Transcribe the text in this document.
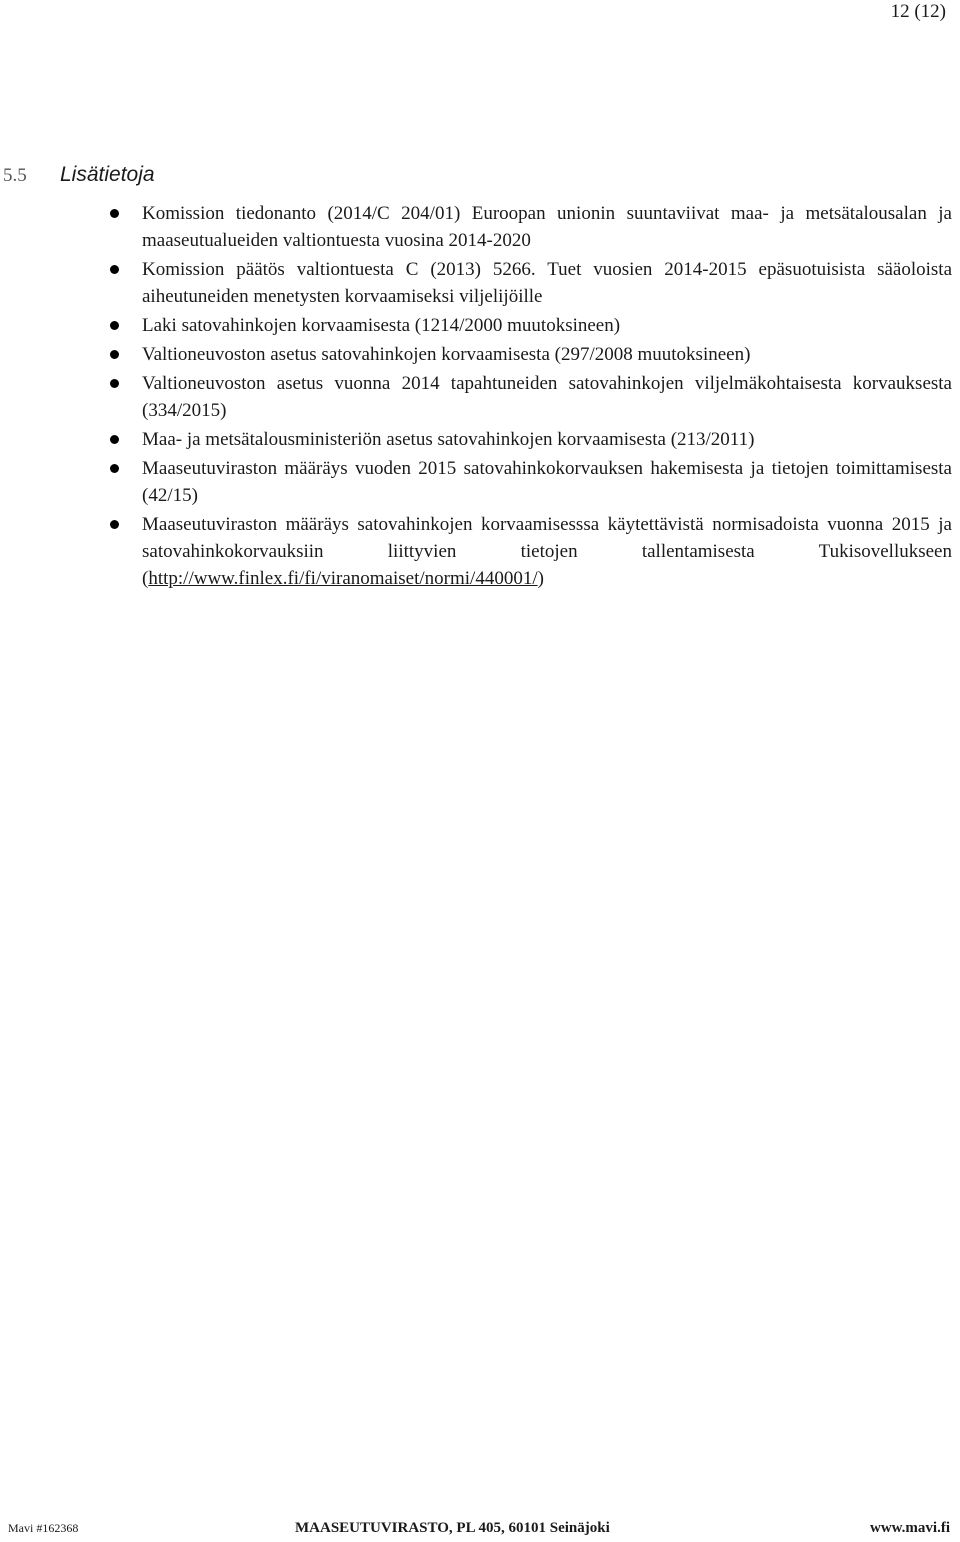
12 (12)
5.5	Lisätietoja
Komission tiedonanto (2014/C 204/01) Euroopan unionin suuntaviivat maa- ja metsätalousalan ja maaseutualueiden valtiontuesta vuosina 2014-2020
Komission päätös valtiontuesta C (2013) 5266. Tuet vuosien 2014-2015 epäsuotuisista sääoloista aiheutuneiden menetysten korvaamiseksi viljelijöille
Laki satovahinkojen korvaamisesta (1214/2000 muutoksineen)
Valtioneuvoston asetus satovahinkojen korvaamisesta (297/2008 muutoksineen)
Valtioneuvoston asetus vuonna 2014 tapahtuneiden satovahinkojen viljelmäkohtaisesta korvauksesta (334/2015)
Maa- ja metsätalousministeriön asetus satovahinkojen korvaamisesta (213/2011)
Maaseutuviraston määräys vuoden 2015 satovahinkokorvauksen hakemisesta ja tietojen toimittamisesta (42/15)
Maaseutuviraston määräys satovahinkojen korvaamisesssa käytettävistä normisadoista vuonna 2015 ja satovahinkokorvauksiin liittyvien tietojen tallentamisesta Tukisovellukseen (http://www.finlex.fi/fi/viranomaiset/normi/440001/)
Mavi #162368	MAASEUTUVIRASTO, PL 405, 60101 Seinäjoki	www.mavi.fi
